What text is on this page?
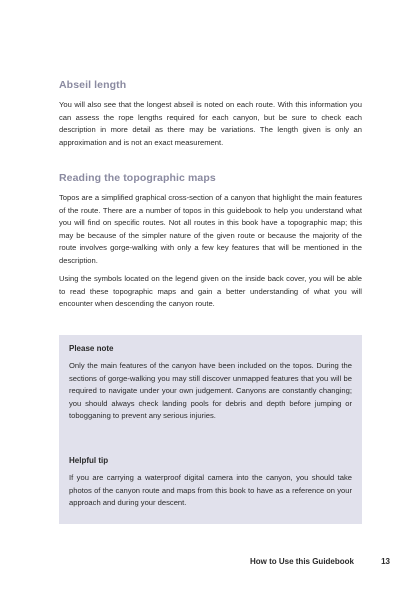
Abseil length

You will also see that the longest abseil is noted on each route. With this information you can assess the rope lengths required for each canyon, but be sure to check each description in more detail as there may be variations. The length given is only an approximation and is not an exact measurement.

Reading the topographic maps

Topos are a simplified graphical cross-section of a canyon that highlight the main features of the route. There are a number of topos in this guidebook to help you understand what you will find on specific routes. Not all routes in this book have a topographic map; this may be because of the simpler nature of the given route or because the majority of the route involves gorge-walking with only a few key features that will be mentioned in the description.

Using the symbols located on the legend given on the inside back cover, you will be able to read these topographic maps and gain a better understanding of what you will encounter when descending the canyon route.

Please note

Only the main features of the canyon have been included on the topos. During the sections of gorge-walking you may still discover unmapped features that you will be required to navigate under your own judgement. Canyons are constantly changing; you should always check landing pools for debris and depth before jumping or tobogganing to prevent any serious injuries.

Helpful tip

If you are carrying a waterproof digital camera into the canyon, you should take photos of the canyon route and maps from this book to have as a reference on your approach and during your descent.

How to Use this Guidebook	13
